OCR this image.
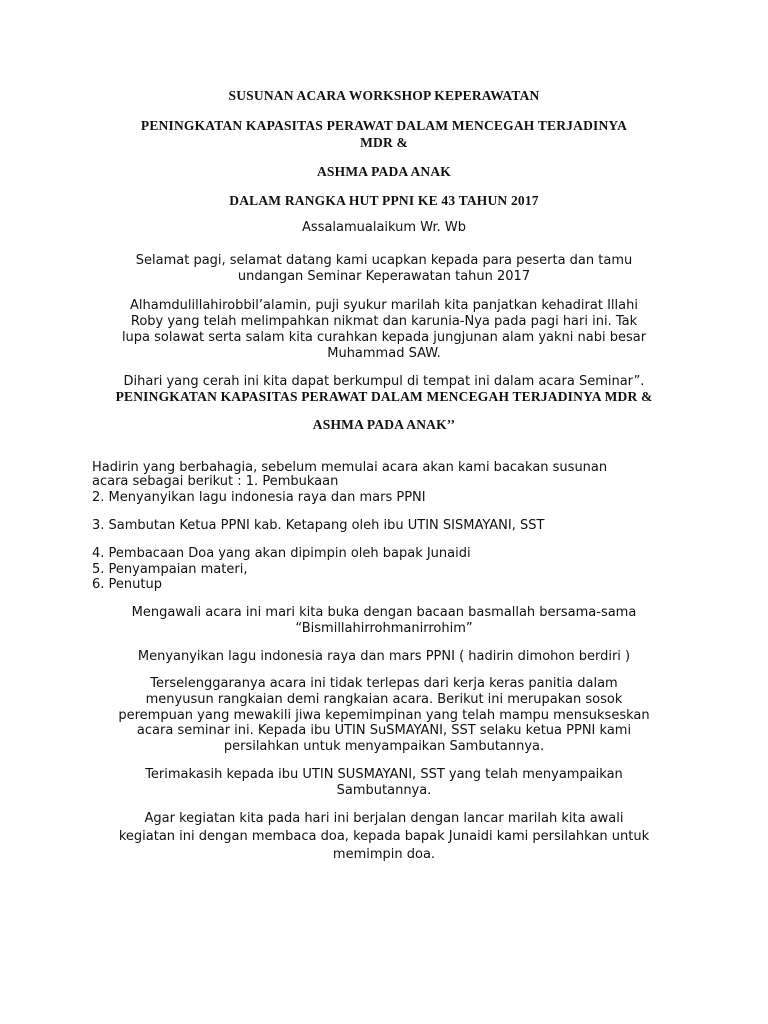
SUSUNAN ACARA WORKSHOP KEPERAWATAN

PENINGKATAN KAPASITAS PERAWAT DALAM MENCEGAH TERJADINYA

MDR &

ASHMA PADA ANAK

DALAM RANGKA HUT PPNI KE 43 TAHUN 2017

Assalamualaikum Wr. Wb

Selamat pagi, selamat datang kami ucapkan kepada para peserta dan tamu

undangan Seminar Keperawatan tahun 2017

Alhamdulillahirobbil’alamin, puji syukur marilah kita panjatkan kehadirat Illahi

Roby yang telah melimpahkan nikmat dan karunia-Nya pada pagi hari ini. Tak

lupa solawat serta salam kita curahkan kepada jungjunan alam yakni nabi besar

Muhammad SAW.

Dihari yang cerah ini kita dapat berkumpul di tempat ini dalam acara Seminar”.

PENINGKATAN KAPASITAS PERAWAT DALAM MENCEGAH TERJADINYA MDR &

ASHMA PADA ANAK’’

Hadirin yang berbahagia, sebelum memulai acara akan kami bacakan susunan

acara sebagai berikut : 1. Pembukaan

2. Menyanyikan lagu indonesia raya dan mars PPNI

3. Sambutan Ketua PPNI kab. Ketapang oleh ibu UTIN SISMAYANI, SST

4. Pembacaan Doa yang akan dipimpin oleh bapak Junaidi

5. Penyampaian materi,

6. Penutup

Mengawali acara ini mari kita buka dengan bacaan basmallah bersama-sama

“Bismillahirrohmanirrohim”

Menyanyikan lagu indonesia raya dan mars PPNI ( hadirin dimohon berdiri )

Terselenggaranya acara ini tidak terlepas dari kerja keras panitia dalam

menyusun rangkaian demi rangkaian acara. Berikut ini merupakan sosok

perempuan yang mewakili jiwa kepemimpinan yang telah mampu mensukseskan

acara seminar ini. Kepada ibu UTIN SuSMAYANI, SST selaku ketua PPNI kami

persilahkan untuk menyampaikan Sambutannya.

Terimakasih kepada ibu UTIN SUSMAYANI, SST yang telah menyampaikan

Sambutannya.

Agar kegiatan kita pada hari ini berjalan dengan lancar marilah kita awali

kegiatan ini dengan membaca doa, kepada bapak Junaidi kami persilahkan untuk

memimpin doa.
